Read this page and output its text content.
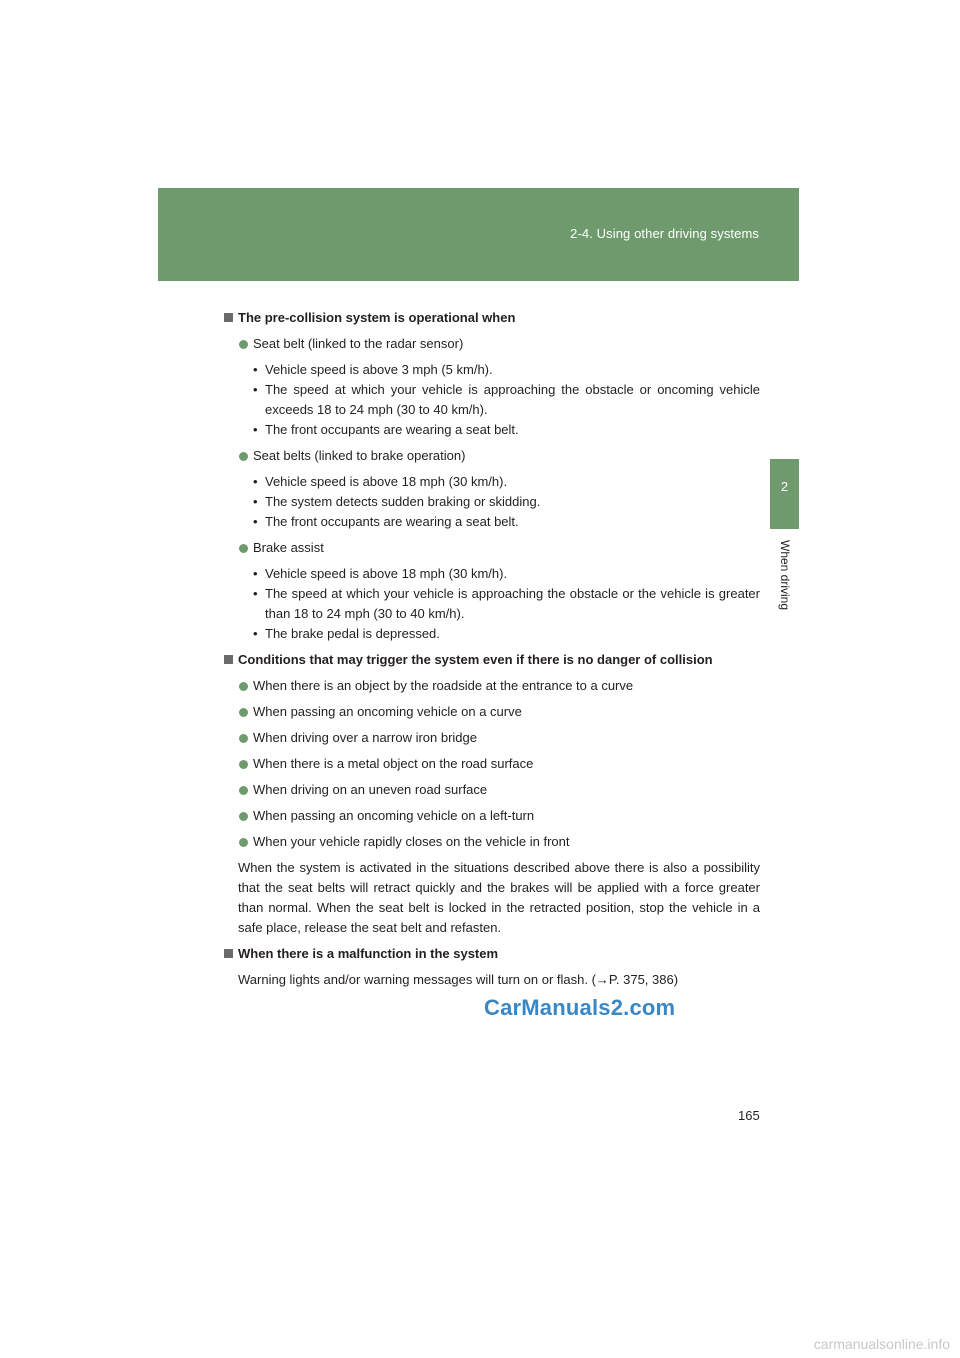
2-4. Using other driving systems
2
When driving

The pre-collision system is operational when

Seat belt (linked to the radar sensor)

• Vehicle speed is above 3 mph (5 km/h).

• The speed at which your vehicle is approaching the obstacle or oncoming vehicle exceeds 18 to 24 mph (30 to 40 km/h).

• The front occupants are wearing a seat belt.

Seat belts (linked to brake operation)

• Vehicle speed is above 18 mph (30 km/h).

• The system detects sudden braking or skidding.

• The front occupants are wearing a seat belt.

Brake assist

• Vehicle speed is above 18 mph (30 km/h).

• The speed at which your vehicle is approaching the obstacle or the vehicle is greater than 18 to 24 mph (30 to 40 km/h).

• The brake pedal is depressed.

Conditions that may trigger the system even if there is no danger of collision

When there is an object by the roadside at the entrance to a curve

When passing an oncoming vehicle on a curve

When driving over a narrow iron bridge

When there is a metal object on the road surface

When driving on an uneven road surface

When passing an oncoming vehicle on a left-turn

When your vehicle rapidly closes on the vehicle in front

When the system is activated in the situations described above there is also a possibility that the seat belts will retract quickly and the brakes will be applied with a force greater than normal. When the seat belt is locked in the retracted position, stop the vehicle in a safe place, release the seat belt and refasten.

When there is a malfunction in the system

Warning lights and/or warning messages will turn on or flash. (→P. 375, 386)

CarManuals2.com
165
carmanualsonline.info
